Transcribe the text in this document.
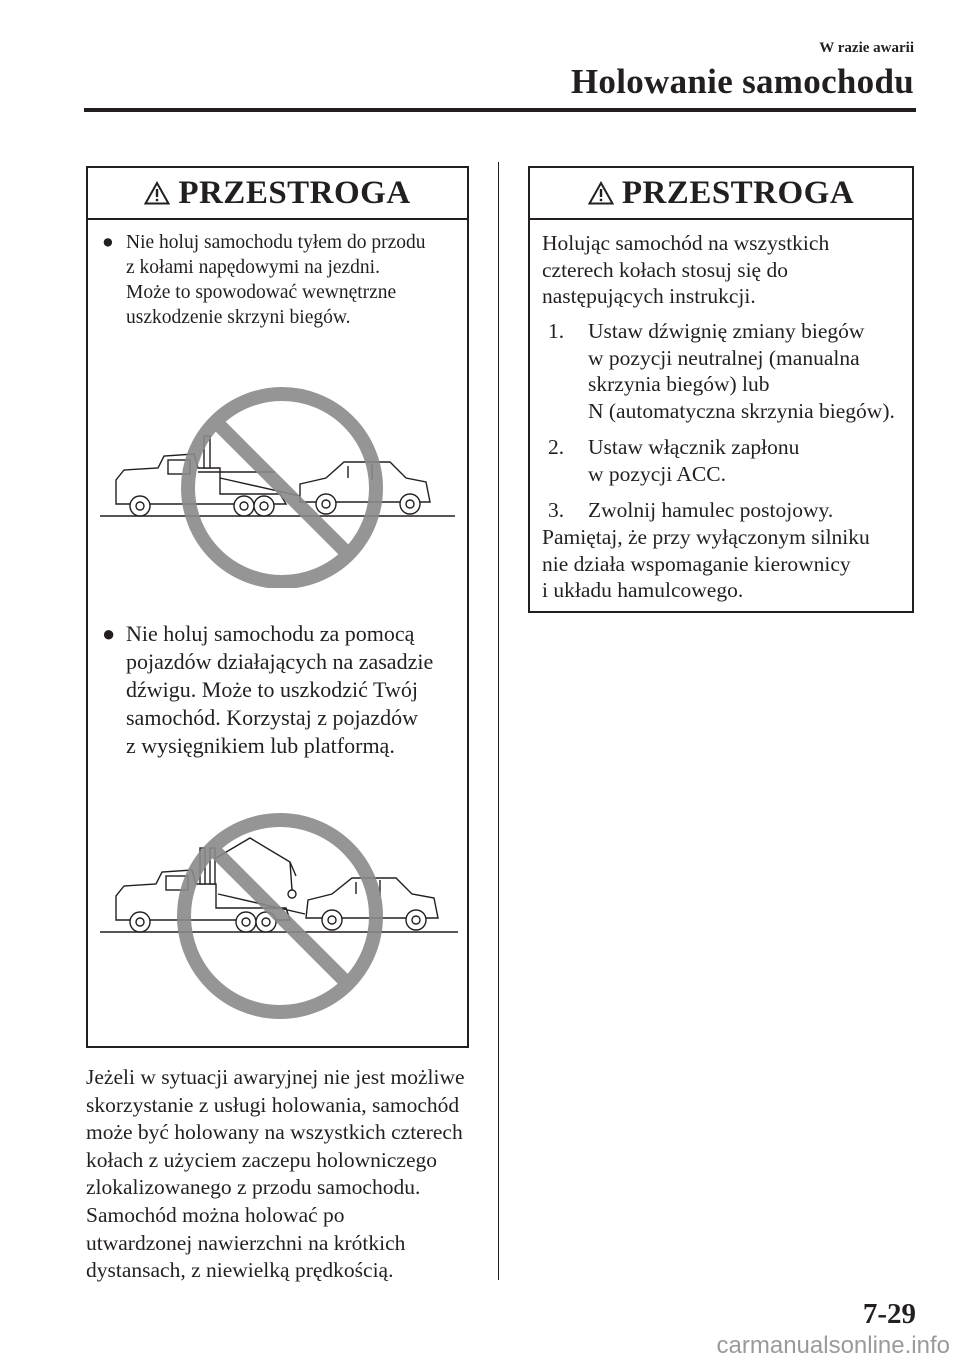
W razie awarii
Holowanie samochodu
PRZESTROGA
● Nie holuj samochodu tyłem do przodu
z kołami napędowymi na jezdni.
Może to spowodować wewnętrzne
uszkodzenie skrzyni biegów.
● Nie holuj samochodu za pomocą
pojazdów działających na zasadzie
dźwigu. Może to uszkodzić Twój
samochód. Korzystaj z pojazdów
z wysięgnikiem lub platformą.
Jeżeli w sytuacji awaryjnej nie jest możliwe
skorzystanie z usługi holowania, samochód
może być holowany na wszystkich czterech
kołach z użyciem zaczepu holowniczego
zlokalizowanego z przodu samochodu.
Samochód można holować po
utwardzonej nawierzchni na krótkich
dystansach, z niewielką prędkością.
PRZESTROGA
Holując samochód na wszystkich
czterech kołach stosuj się do
następujących instrukcji.
1. Ustaw dźwignię zmiany biegów
w pozycji neutralnej (manualna
skrzynia biegów) lub
N (automatyczna skrzynia biegów).
2. Ustaw włącznik zapłonu
w pozycji ACC.
3. Zwolnij hamulec postojowy.
Pamiętaj, że przy wyłączonym silniku
nie działa wspomaganie kierownicy
i układu hamulcowego.
7-29
carmanualsonline.info
